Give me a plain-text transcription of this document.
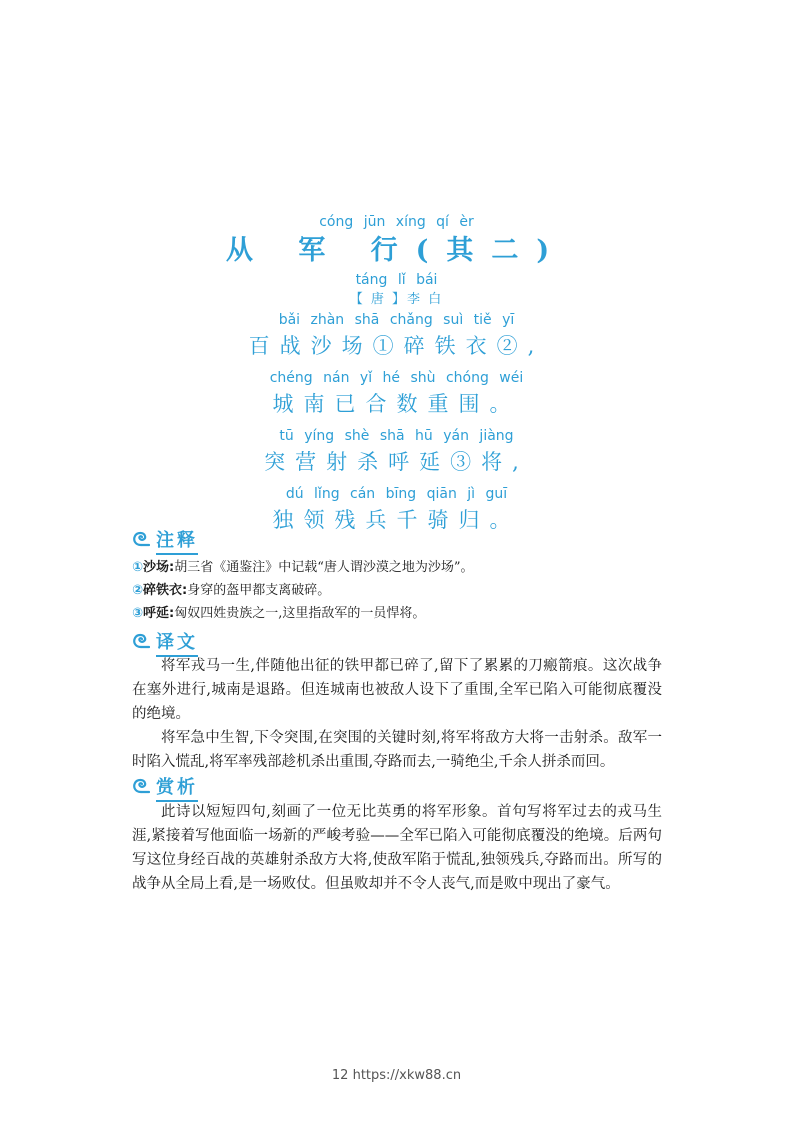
cóng jūn xíng qí èr
从 军 行(其二)
táng lǐ bái
【 唐 】李 白
bǎi zhàn shā chǎng suì tiě yī
百战沙场①碎铁衣②,
chéng nán yǐ hé shù chóng wéi
城南已合数重围。
tū yíng shè shā hū yán jiàng
突营射杀呼延③将,
dú lǐng cán bīng qiān jì guī
独领残兵千骑归。
注释
①沙场:胡三省《通鉴注》中记载“唐人谓沙漠之地为沙场”。
②碎铁衣:身穿的盔甲都支离破碎。
③呼延:匈奴四姓贵族之一,这里指敌军的一员悍将。
译文

将军戎马一生,伴随他出征的铁甲都已碎了,留下了累累的刀瘢箭痕。这次战争在塞外进行,城南是退路。但连城南也被敌人设下了重围,全军已陷入可能彻底覆没的绝境。

将军急中生智,下令突围,在突围的关键时刻,将军将敌方大将一击射杀。敌军一时陷入慌乱,将军率残部趁机杀出重围,夺路而去,一骑绝尘,千余人拼杀而回。

赏析

此诗以短短四句,刻画了一位无比英勇的将军形象。首句写将军过去的戎马生涯,紧接着写他面临一场新的严峻考验——全军已陷入可能彻底覆没的绝境。后两句写这位身经百战的英雄射杀敌方大将,使敌军陷于慌乱,独领残兵,夺路而出。所写的战争从全局上看,是一场败仗。但虽败却并不令人丧气,而是败中现出了豪气。

12 https://xkw88.cn
